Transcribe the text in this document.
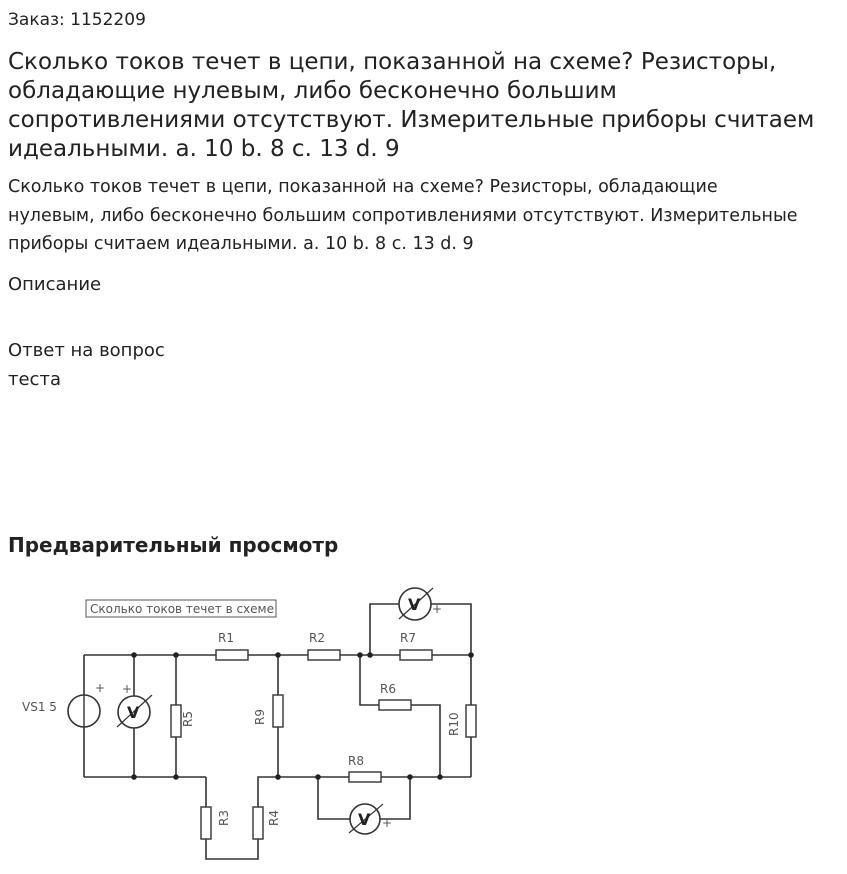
Заказ: 1152209
Сколько токов течет в цепи, показанной на схеме? Резисторы, обладающие нулевым, либо бесконечно большим сопротивлениями отсутствуют. Измерительные приборы считаем идеальными. a. 10 b. 8 c. 13 d. 9

Сколько токов течет в цепи, показанной на схеме? Резисторы, обладающие нулевым, либо бесконечно большим сопротивлениями отсутствуют. Измерительные приборы считаем идеальными. a. 10 b. 8 c. 13 d. 9

Описание
Ответ на вопрос теста
Предварительный просмотр
Сколько токов течет в схеме
R1	R2	R7
R6
R8
R5	R9	R10
R3	R4
VS1 5
+
V
+
V +
V +
